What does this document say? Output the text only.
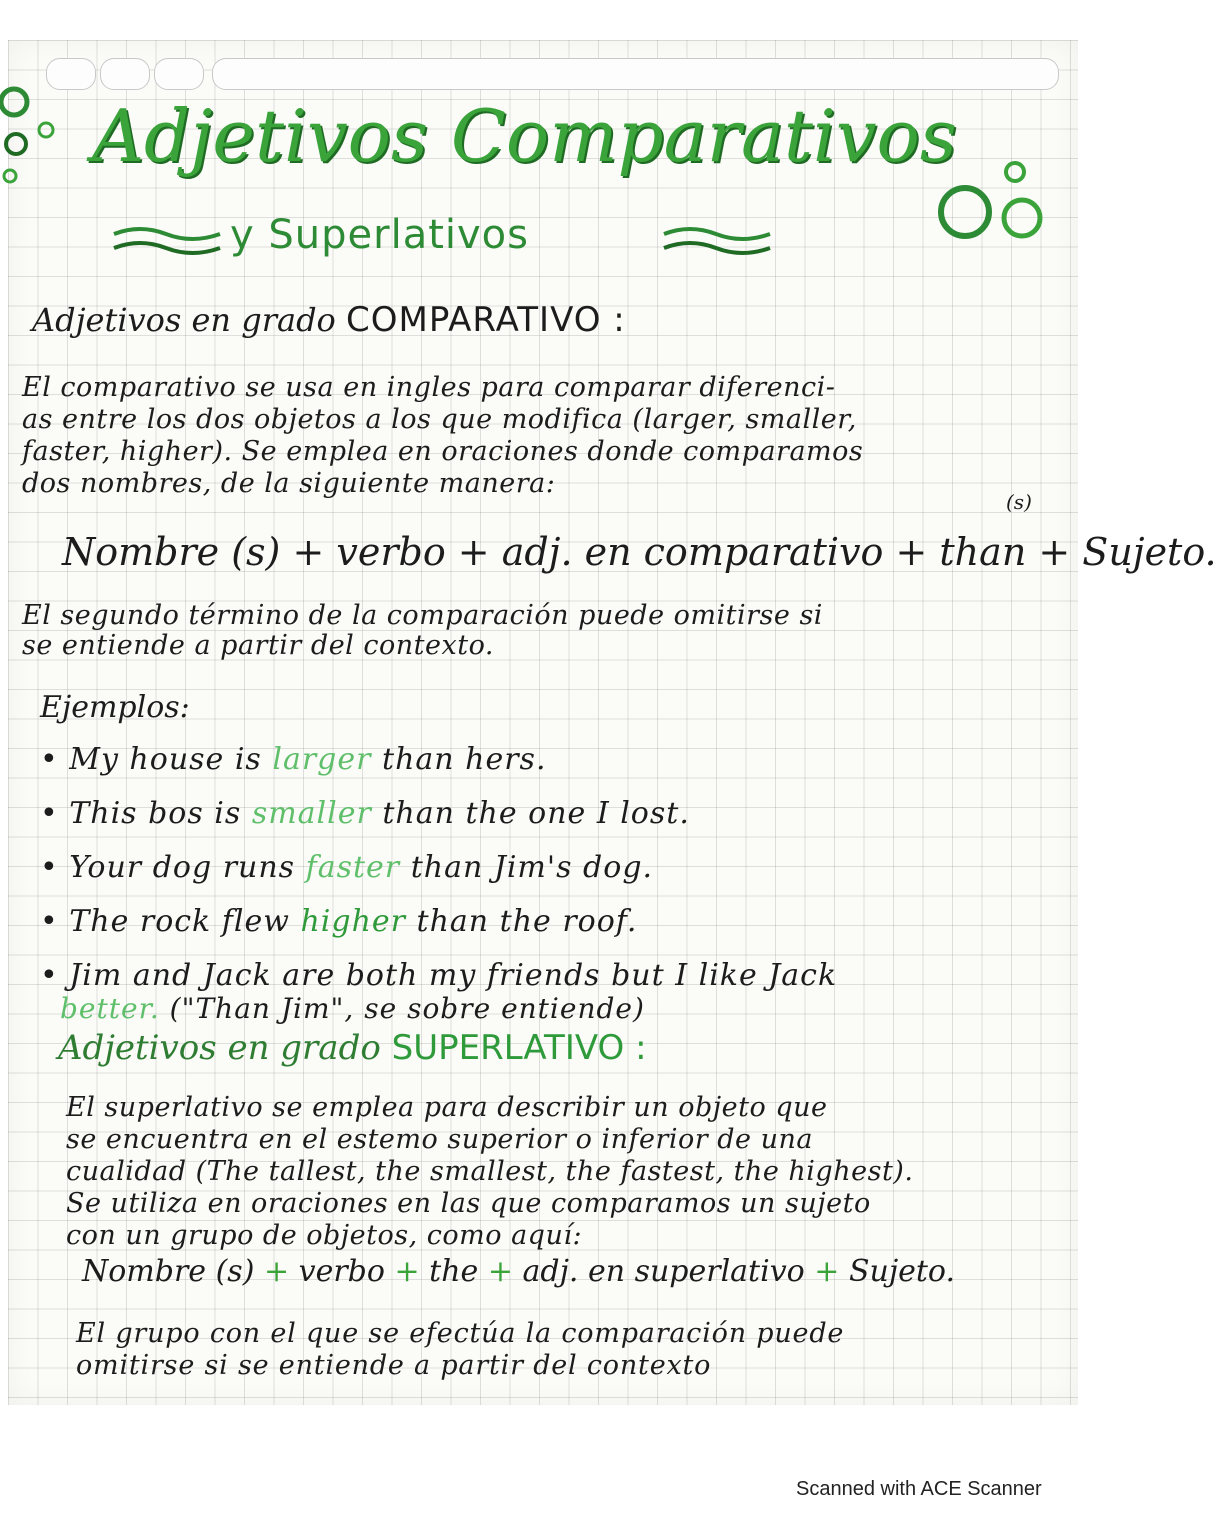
Adjetivos Comparativos
y Superlativos
Adjetivos en grado COMPARATIVO :
El comparativo se usa en ingles para comparar diferenci-
as entre los dos objetos a los que modifica (larger, smaller,
faster, higher). Se emplea en oraciones donde comparamos
dos nombres, de la siguiente manera:
(s)
Nombre (s) + verbo + adj. en comparativo + than + Sujeto.
El segundo término de la comparación puede omitirse si
se entiende a partir del contexto.
Ejemplos:
• My house is larger than hers.
• This bos is smaller than the one I lost.
• Your dog runs faster than Jim's dog.
• The rock flew higher than the roof.
• Jim and Jack are both my friends but I like Jack
better. ("Than Jim", se sobre entiende)
Adjetivos en grado SUPERLATIVO :
El superlativo se emplea para describir un objeto que
se encuentra en el estemo superior o inferior de una
cualidad (The tallest, the smallest, the fastest, the highest).
Se utiliza en oraciones en las que comparamos un sujeto
con un grupo de objetos, como aquí:
Nombre (s) + verbo + the + adj. en superlativo + Sujeto.
El grupo con el que se efectúa la comparación puede
omitirse si se entiende a partir del contexto
Scanned with ACE Scanner
